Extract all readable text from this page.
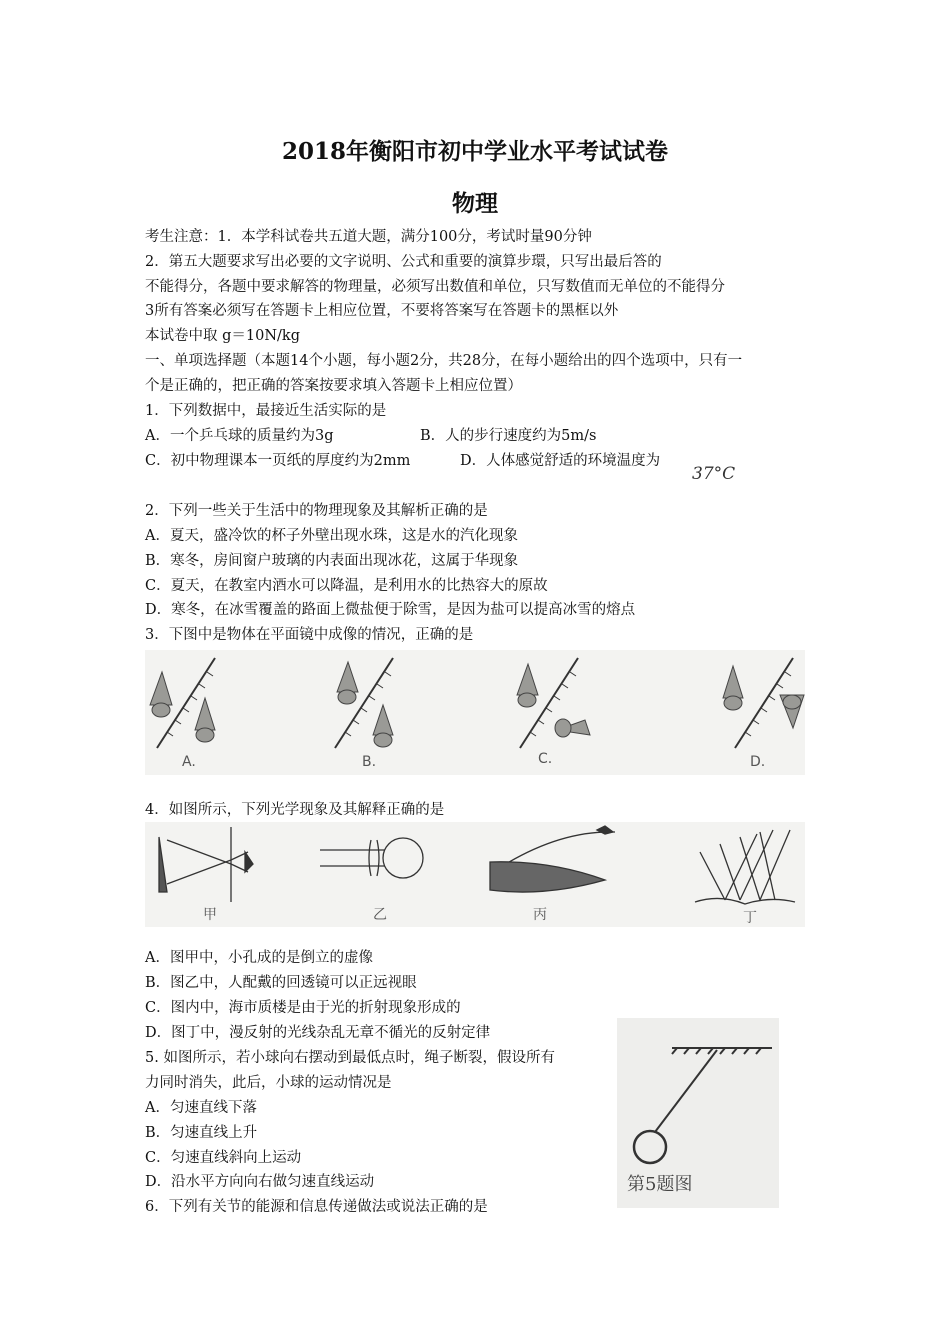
2018年衡阳市初中学业水平考试试卷
物理
考生注意：1．本学科试卷共五道大题，满分100分，考试时量90分钟
2．第五大题要求写出必要的文字说明、公式和重要的演算步環，只写出最后答的
不能得分，各题中要求解答的物理量，必须写出数值和单位，只写数值而无单位的不能得分
3所有答案必须写在答题卡上相应位置，不要将答案写在答题卡的黑框以外
本试卷中取 g＝10N/kg
一、单项选择题（本题14个小题，每小题2分，共28分，在每小题给出的四个选项中，只有一
个是正确的，把正确的答案按要求填入答题卡上相应位置）
1．下列数据中，最接近生活实际的是
A．一个乒乓球的质量约为3g	B．人的步行速度约为5m/s
C．初中物理课本一页纸的厚度约为2mm	D．人体感觉舒适的环境温度为
37°C
2．下列一些关于生活中的物理现象及其解析正确的是
A．夏天，盛冷饮的杯子外壁出现水珠，这是水的汽化现象
B．寒冬，房间窗户玻璃的内表面出现冰花，这属于华现象
C．夏天，在教室内酒水可以降温，是利用水的比热容大的原故
D．寒冬，在冰雪覆盖的路面上微盐便于除雪，是因为盐可以提高冰雪的熔点
3．下图中是物体在平面镜中成像的情况，正确的是
A.	B.	C.	D.
4．如图所示，下列光学现象及其解释正确的是
甲	乙	丙	丁
A．图甲中，小孔成的是倒立的虚像
B．图乙中，人配戴的回透镜可以正远视眼
C．图内中，海市质楼是由于光的折射现象形成的
D．图丁中，漫反射的光线杂乱无章不循光的反射定律
5. 如图所示，若小球向右摆动到最低点时，绳子断裂，假设所有
力同时消失，此后，小球的运动情况是
A．匀速直线下落
B．匀速直线上升
C．匀速直线斜向上运动
D．沿水平方向向右做匀速直线运动
6．下列有关节的能源和信息传递做法或说法正确的是
第5题图
